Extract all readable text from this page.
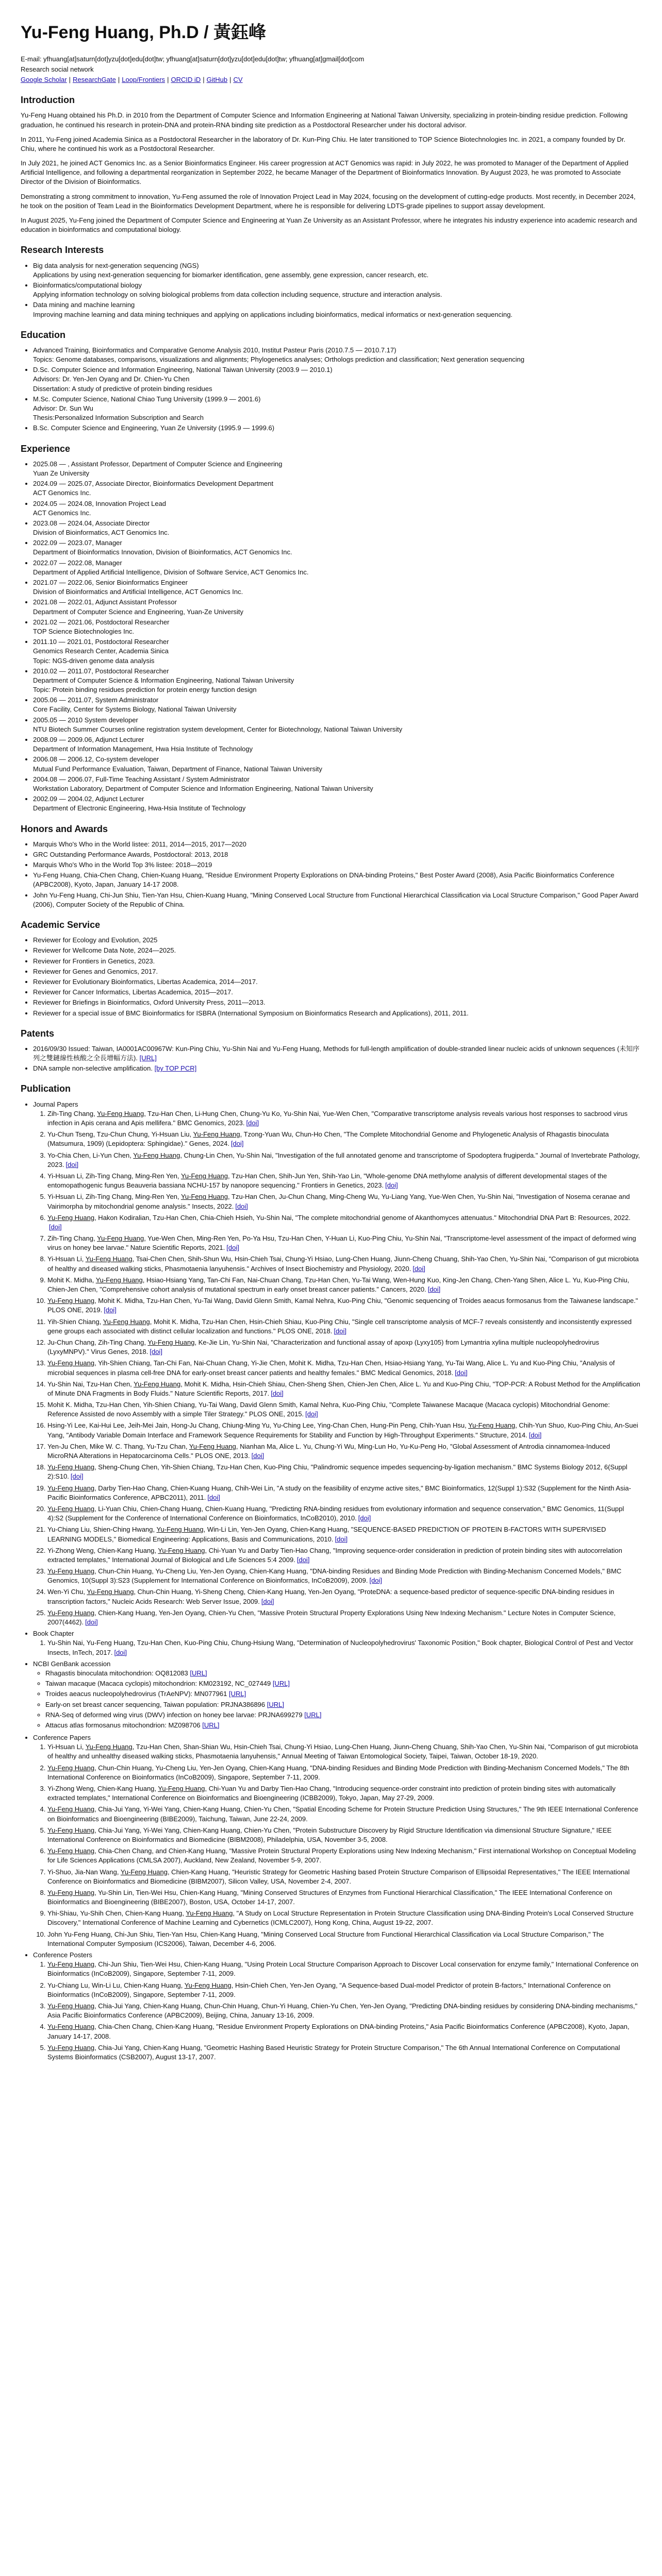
Yu-Feng Huang, Ph.D / 黃鈺峰

E-mail: yfhuang[at]saturn[dot]yzu[dot]edu[dot]tw; yfhuang[at]saturn[dot]yzu[dot]edu[dot]tw; yfhuang[at]gmail[dot]com

Research social network

Google Scholar | ResearchGate | Loop/Frontiers | ORCID iD | GitHub | CV

Introduction

Yu-Feng Huang obtained his Ph.D. in 2010 from the Department of Computer Science and Information Engineering at National Taiwan University, specializing in protein-binding residue prediction. Following graduation, he continued his research in protein-DNA and protein-RNA binding site prediction as a Postdoctoral Researcher under his doctoral advisor.

In 2011, Yu-Feng joined Academia Sinica as a Postdoctoral Researcher in the laboratory of Dr. Kun-Ping Chiu. He later transitioned to TOP Science Biotechnologies Inc. in 2021, a company founded by Dr. Chiu, where he continued his work as a Postdoctoral Researcher.

In July 2021, he joined ACT Genomics Inc. as a Senior Bioinformatics Engineer. His career progression at ACT Genomics was rapid: in July 2022, he was promoted to Manager of the Department of Applied Artificial Intelligence, and following a departmental reorganization in September 2022, he became Manager of the Department of Bioinformatics Innovation. By August 2023, he was promoted to Associate Director of the Division of Bioinformatics.

Demonstrating a strong commitment to innovation, Yu-Feng assumed the role of Innovation Project Lead in May 2024, focusing on the development of cutting-edge products. Most recently, in December 2024, he took on the position of Team Lead in the Bioinformatics Development Department, where he is responsible for delivering LDTS-grade pipelines to support assay development.

In August 2025, Yu-Feng joined the Department of Computer Science and Engineering at Yuan Ze University as an Assistant Professor, where he integrates his industry experience into academic research and education in bioinformatics and computational biology.

Research Interests
• Big data analysis for next-generation sequencing (NGS)
Applications by using next-generation sequencing for biomarker identification, gene assembly, gene expression, cancer research, etc.
• Bioinformatics/computational biology
Applying information technology on solving biological problems from data collection including sequence, structure and interaction analysis.
• Data mining and machine learning
Improving machine learning and data mining techniques and applying on applications including bioinformatics, medical informatics or next-generation sequencing.
Education
• Advanced Training, Bioinformatics and Comparative Genome Analysis 2010, Institut Pasteur Paris (2010.7.5 — 2010.7.17)
Topics: Genome databases, comparisons, visualizations and alignments; Phylogenetics analyses; Orthologs prediction and classification; Next generation sequencing
• D.Sc. Computer Science and Information Engineering, National Taiwan University (2003.9 — 2010.1)
Advisors: Dr. Yen-Jen Oyang and Dr. Chien-Yu Chen
Dissertation: A study of predictive of protein binding residues
• M.Sc. Computer Science, National Chiao Tung University (1999.9 — 2001.6)
Advisor: Dr. Sun Wu
Thesis:Personalized Information Subscription and Search
• B.Sc. Computer Science and Engineering, Yuan Ze University (1995.9 — 1999.6)
Experience
• 2025.08 — , Assistant Professor, Department of Computer Science and Engineering
Yuan Ze University
• 2024.09 — 2025.07, Associate Director, Bioinformatics Development Department
ACT Genomics Inc.
• 2024.05 — 2024.08, Innovation Project Lead
ACT Genomics Inc.
• 2023.08 — 2024.04, Associate Director
Division of Bioinformatics, ACT Genomics Inc.
• 2022.09 — 2023.07, Manager
Department of Bioinformatics Innovation, Division of Bioinformatics, ACT Genomics Inc.
• 2022.07 — 2022.08, Manager
Department of Applied Artificial Intelligence, Division of Software Service, ACT Genomics Inc.
• 2021.07 — 2022.06, Senior Bioinformatics Engineer
Division of Bioinformatics and Artificial Intelligence, ACT Genomics Inc.
• 2021.08 — 2022.01, Adjunct Assistant Professor
Department of Computer Science and Engineering, Yuan-Ze University
• 2021.02 — 2021.06, Postdoctoral Researcher
TOP Science Biotechnologies Inc.
• 2011.10 — 2021.01, Postdoctoral Researcher
Genomics Research Center, Academia Sinica
Topic: NGS-driven genome data analysis
• 2010.02 — 2011.07, Postdoctoral Researcher
Department of Computer Science & Information Engineering, National Taiwan University
Topic: Protein binding residues prediction for protein energy function design
• 2005.06 — 2011.07, System Administrator
Core Facility, Center for Systems Biology, National Taiwan University
• 2005.05 — 2010 System developer
NTU Biotech Summer Courses online registration system development, Center for Biotechnology, National Taiwan University
• 2008.09 — 2009.06, Adjunct Lecturer
Department of Information Management, Hwa Hsia Institute of Technology
• 2006.08 — 2006.12, Co-system developer
Mutual Fund Performance Evaluation, Taiwan, Department of Finance, National Taiwan University
• 2004.08 — 2006.07, Full-Time Teaching Assistant / System Administrator
Workstation Laboratory, Department of Computer Science and Information Engineering, National Taiwan University
• 2002.09 — 2004.02, Adjunct Lecturer
Department of Electronic Engineering, Hwa-Hsia Institute of Technology
Honors and Awards
• Marquis Who's Who in the World listee: 2011, 2014—2015, 2017—2020
• GRC Outstanding Performance Awards, Postdoctoral: 2013, 2018
• Marquis Who's Who in the World Top 3% listee: 2018—2019
• Yu-Feng Huang, Chia-Chen Chang, Chien-Kuang Huang, "Residue Environment Property Explorations on DNA-binding Proteins," Best Poster Award (2008), Asia Pacific Bioinformatics Conference (APBC2008), Kyoto, Japan, January 14-17 2008.
• John Yu-Feng Huang, Chi-Jun Shiu, Tien-Yan Hsu, Chien-Kuang Huang, "Mining Conserved Local Structure from Functional Hierarchical Classification via Local Structure Comparison," Good Paper Award (2006), Computer Society of the Republic of China.
Academic Service
• Reviewer for Ecology and Evolution, 2025
• Reviewer for Wellcome Data Note, 2024—2025.
• Reviewer for Frontiers in Genetics, 2023.
• Reviewer for Genes and Genomics, 2017.
• Reviewer for Evolutionary Bioinformatics, Libertas Academica, 2014—2017.
• Reviewer for Cancer Informatics, Libertas Academica, 2015—2017.
• Reviewer for Briefings in Bioinformatics, Oxford University Press, 2011—2013.
• Reviewer for a special issue of BMC Bioinformatics for ISBRA (International Symposium on Bioinformatics Research and Applications), 2011, 2011.
Patents
• 2016/09/30 Issued: Taiwan, IA0001AC00967W: Kun-Ping Chiu, Yu-Shin Nai and Yu-Feng Huang, Methods for full-length amplification of double-stranded linear nucleic acids of unknown sequences (未知序列之雙鏈線性核酸之全長增幅方法). [URL]
• DNA sample non-selective amplification. [by TOP PCR]
Publication
• Journal Papers
1. Zih-Ting Chang, Yu-Feng Huang, Tzu-Han Chen, Li-Hung Chen, Chung-Yu Ko, Yu-Shin Nai, Yue-Wen Chen, "Comparative transcriptome analysis reveals various host responses to sacbrood virus infection in Apis cerana and Apis mellifera." BMC Genomics, 2023. [doi]
2. Yu-Chun Tseng, Tzu-Chun Chung, Yi-Hsuan Liu, Yu-Feng Huang, Tzong-Yuan Wu, Chun-Ho Chen, "The Complete Mitochondrial Genome and Phylogenetic Analysis of Rhagastis binoculata (Matsumura, 1909) (Lepidoptera: Sphingidae)." Genes, 2024. [doi]
3. Yo-Chia Chen, Li-Yun Chen, Yu-Feng Huang, Chung-Lin Chen, Yu-Shin Nai, "Investigation of the full annotated genome and transcriptome of Spodoptera frugiperda." Journal of Invertebrate Pathology, 2023. [doi]
4. Yi-Hsuan Li, Zih-Ting Chang, Ming-Ren Yen, Yu-Feng Huang, Tzu-Han Chen, Shih-Jun Yen, Shih-Yao Lin, "Whole-genome DNA methylome analysis of different developmental stages of the entomopathogenic fungus Beauveria bassiana NCHU-157 by nanopore sequencing." Frontiers in Genetics, 2023. [doi]
5. Yi-Hsuan Li, Zih-Ting Chang, Ming-Ren Yen, Yu-Feng Huang, Tzu-Han Chen, Ju-Chun Chang, Ming-Cheng Wu, Yu-Liang Yang, Yue-Wen Chen, Yu-Shin Nai, "Investigation of Nosema ceranae and Vairimorpha by mitochondrial genome analysis." Insects, 2022. [doi]
6. Yu-Feng Huang, Hakon Kodiralian, Tzu-Han Chen, Chia-Chieh Hsieh, Yu-Shin Nai, "The complete mitochondrial genome of Akanthomyces attenuatus." Mitochondrial DNA Part B: Resources, 2022.[doi]
7. Zih-Ting Chang, Yu-Feng Huang, Yue-Wen Chen, Ming-Ren Yen, Po-Ya Hsu, Tzu-Han Chen, Y-Huan Li, Kuo-Ping Chiu, Yu-Shin Nai, "Transcriptome-level assessment of the impact of deformed wing virus on honey bee larvae." Nature Scientific Reports, 2021. [doi]
8. Yi-Hsuan Li, Yu-Feng Huang, Tsai-Chen Chen, Shih-Shun Wu, Hsin-Chieh Tsai, Chung-Yi Hsiao, Lung-Chen Huang, Jiunn-Cheng Chuang, Shih-Yao Chen, Yu-Shin Nai, "Comparison of gut microbiota of healthy and diseased walking sticks, Phasmotaenia lanyuhensis." Archives of Insect Biochemistry and Physiology, 2020. [doi]
9. Mohit K. Midha, Yu-Feng Huang, Hsiao-Hsiang Yang, Tan-Chi Fan, Nai-Chuan Chang, Tzu-Han Chen, Yu-Tai Wang, Wen-Hung Kuo, King-Jen Chang, Chen-Yang Shen, Alice L. Yu, Kuo-Ping Chiu, Chien-Jen Chen, "Comprehensive cohort analysis of mutational spectrum in early onset breast cancer patients." Cancers, 2020. [doi]
10. Yu-Feng Huang, Mohit K. Midha, Tzu-Han Chen, Yu-Tai Wang, David Glenn Smith, Kamal Nehra, Kuo-Ping Chiu, "Genomic sequencing of Troides aeacus formosanus from the Taiwanese landscape." PLOS ONE, 2019. [doi]
11. Yih-Shien Chiang, Yu-Feng Huang, Mohit K. Midha, Tzu-Han Chen, Hsin-Chieh Shiau, Kuo-Ping Chiu, "Single cell transcriptome analysis of MCF-7 reveals consistently and inconsistently expressed gene groups each associated with distinct cellular localization and functions." PLOS ONE, 2018. [doi]
12. Ju-Chun Chang, Zih-Ting Chang, Yu-Feng Huang, Ke-Jie Lin, Yu-Shin Nai, "Characterization and functional assay of apoxp (Lyxy105) from Lymantria xylina multiple nucleopolyhedrovirus (LyxyMNPV)." Virus Genes, 2018. [doi]
13. Yu-Feng Huang, Yih-Shien Chiang, Tan-Chi Fan, Nai-Chuan Chang, Yi-Jie Chen, Mohit K. Midha, Tzu-Han Chen, Hsiao-Hsiang Yang, Yu-Tai Wang, Alice L. Yu and Kuo-Ping Chiu, "Analysis of microbial sequences in plasma cell-free DNA for early-onset breast cancer patients and healthy females." BMC Medical Genomics, 2018. [doi]
14. Yu-Shin Nai, Tzu-Han Chen, Yu-Feng Huang, Mohit K. Midha, Hsin-Chieh Shiau, Chen-Sheng Shen, Chien-Jen Chen, Alice L. Yu and Kuo-Ping Chiu, "TOP-PCR: A Robust Method for the Amplification of Minute DNA Fragments in Body Fluids." Nature Scientific Reports, 2017. [doi]
15. Mohit K. Midha, Tzu-Han Chen, Yih-Shien Chiang, Yu-Tai Wang, David Glenn Smith, Kamal Nehra, Kuo-Ping Chiu, "Complete Taiwanese Macaque (Macaca cyclopis) Mitochondrial Genome: Reference Assisted de novo Assembly with a simple Tiler Strategy." PLOS ONE, 2015. [doi]
16. Hsing-Yi Lee, Kai-Hui Lee, Jeih-Mei Jain, Hong-Ju Chang, Chiung-Ming Yu, Yu-Ching Lee, Ying-Chan Chen, Hung-Pin Peng, Chih-Yuan Hsu, Yu-Feng Huang, Chih-Yun Shuo, Kuo-Ping Chiu, An-Suei Yang, "Antibody Variable Domain Interface and Framework Sequence Requirements for Stability and Function by High-Throughput Experiments." Structure, 2014. [doi]
17. Yen-Ju Chen, Mike W. C. Thang, Yu-Tzu Chan, Yu-Feng Huang, Nianhan Ma, Alice L. Yu, Chung-Yi Wu, Ming-Lun Ho, Yu-Ku-Peng Ho, "Global Assessment of Antrodia cinnamomea-Induced MicroRNA Alterations in Hepatocarcinoma Cells." PLOS ONE, 2013. [doi]
18. Yu-Feng Huang, Sheng-Chung Chen, Yih-Shien Chiang, Tzu-Han Chen, Kuo-Ping Chiu, "Palindromic sequence impedes sequencing-by-ligation mechanism." BMC Systems Biology 2012, 6(Suppl 2):S10. [doi]
19. Yu-Feng Huang, Darby Tien-Hao Chang, Chien-Kuang Huang, Chih-Wei Lin, "A study on the feasibility of enzyme active sites," BMC Bioinformatics, 12(Suppl 1):S32 (Supplement for the Ninth Asia-Pacific Bioinformatics Conference, APBC2011), 2011. [doi]
20. Yu-Feng Huang, Li-Yuan Chiu, Chien-Chang Huang, Chien-Kuang Huang, "Predicting RNA-binding residues from evolutionary information and sequence conservation," BMC Genomics, 11(Suppl 4):S2 (Supplement for the Conference of International Conference on Bioinformatics, InCoB2010), 2010. [doi]
21. Yu-Chiang Liu, Shien-Ching Hwang, Yu-Feng Huang, Win-Li Lin, Yen-Jen Oyang, Chien-Kang Huang, "SEQUENCE-BASED PREDICTION OF PROTEIN B-FACTORS WITH SUPERVISED LEARNING MODELS," Biomedical Engineering: Applications, Basis and Communications, 2010. [doi]
22. Yi-Zhong Weng, Chien-Kang Huang, Yu-Feng Huang, Chi-Yuan Yu and Darby Tien-Hao Chang, "Improving sequence-order consideration in prediction of protein binding sites with autocorrelation extracted templates," International Journal of Biological and Life Sciences 5:4 2009. [doi]
23. Yu-Feng Huang, Chun-Chin Huang, Yu-Cheng Liu, Yen-Jen Oyang, Chien-Kang Huang, "DNA-binding Residues and Binding Mode Prediction with Binding-Mechanism Concerned Models," BMC Genomics, 10(Suppl 3):S23 (Supplement for International Conference on Bioinformatics, InCoB2009), 2009. [doi]
24. Wen-Yi Chu, Yu-Feng Huang, Chun-Chin Huang, Yi-Sheng Cheng, Chien-Kang Huang, Yen-Jen Oyang, "ProteDNA: a sequence-based predictor of sequence-specific DNA-binding residues in transcription factors," Nucleic Acids Research: Web Server Issue, 2009. [doi]
25. Yu-Feng Huang, Chien-Kang Huang, Yen-Jen Oyang, Chien-Yu Chen, "Massive Protein Structural Property Explorations Using New Indexing Mechanism." Lecture Notes in Computer Science, 2007(4462). [doi]
• Book Chapter
1. Yu-Shin Nai, Yu-Feng Huang, Tzu-Han Chen, Kuo-Ping Chiu, Chung-Hsiung Wang, "Determination of Nucleopolyhedrovirus' Taxonomic Position," Book chapter, Biological Control of Pest and Vector Insects, InTech, 2017. [doi]
• NCBI GenBank accession
◦ Rhagastis binoculata mitochondrion: OQ812083 [URL]
◦ Taiwan macaque (Macaca cyclopis) mitochondrion: KM023192, NC_027449 [URL]
◦ Troides aeacus nucleopolyhedrovirus (TrAeNPV): MN077961 [URL]
◦ Early-on set breast cancer sequencing, Taiwan population: PRJNA386896 [URL]
◦ RNA-Seq of deformed wing virus (DWV) infection on honey bee larvae: PRJNA699279 [URL]
◦ Attacus atlas formosanus mitochondrion: MZ098706 [URL]
• Conference Papers
1. Yi-Hsuan Li, Yu-Feng Huang, Tzu-Han Chen, Shan-Shian Wu, Hsin-Chieh Tsai, Chung-Yi Hsiao, Lung-Chen Huang, Jiunn-Cheng Chuang, Shih-Yao Chen, Yu-Shin Nai, "Comparison of gut microbiota of healthy and unhealthy diseased walking sticks, Phasmotaenia lanyuhensis," Annual Meeting of Taiwan Entomological Society, Taipei, Taiwan, October 18-19, 2020.
2. Yu-Feng Huang, Chun-Chin Huang, Yu-Cheng Liu, Yen-Jen Oyang, Chien-Kang Huang, "DNA-binding Residues and Binding Mode Prediction with Binding-Mechanism Concerned Models," The 8th International Conference on Bioinformatics (InCoB2009), Singapore, September 7-11, 2009.
3. Yi-Zhong Weng, Chien-Kang Huang, Yu-Feng Huang, Chi-Yuan Yu and Darby Tien-Hao Chang, "Introducing sequence-order constraint into prediction of protein binding sites with automatically extracted templates," International Conference on Bioinformatics and Bioengineering (ICBB2009), Tokyo, Japan, May 27-29, 2009.
4. Yu-Feng Huang, Chia-Jui Yang, Yi-Wei Yang, Chien-Kang Huang, Chien-Yu Chen, "Spatial Encoding Scheme for Protein Structure Prediction Using Structures," The 9th IEEE International Conference on Bioinformatics and Bioengineering (BIBE2009), Taichung, Taiwan, June 22-24, 2009.
5. Yu-Feng Huang, Chia-Jui Yang, Yi-Wei Yang, Chien-Kang Huang, Chien-Yu Chen, "Protein Substructure Discovery by Rigid Structure Identification via dimensional Structure Signature," IEEE International Conference on Bioinformatics and Biomedicine (BIBM2008), Philadelphia, USA, November 3-5, 2008.
6. Yu-Feng Huang, Chia-Chen Chang, and Chien-Kang Huang, "Massive Protein Structural Property Explorations using New Indexing Mechanism," First international Workshop on Conceptual Modeling for Life Sciences Applications (CMLSA 2007), Auckland, New Zealand, November 5-9, 2007.
7. Yi-Shuo, Jia-Nan Wang, Yu-Feng Huang, Chien-Kang Huang, "Heuristic Strategy for Geometric Hashing based Protein Structure Comparison of Ellipsoidal Representatives," The IEEE International Conference on Bioinformatics and Biomedicine (BIBM2007), Silicon Valley, USA, November 2-4, 2007.
8. Yu-Feng Huang, Yu-Shin Lin, Tien-Wei Hsu, Chien-Kang Huang, "Mining Conserved Structures of Enzymes from Functional Hierarchical Classification," The IEEE International Conference on Bioinformatics and Bioengineering (BIBE2007), Boston, USA, October 14-17, 2007.
9. Yhi-Shiau, Yu-Shih Chen, Chien-Kang Huang, Yu-Feng Huang, "A Study on Local Structure Representation in Protein Structure Classification using DNA-Binding Protein's Local Conserved Structure Discovery," International Conference of Machine Learning and Cybernetics (ICMLC2007), Hong Kong, China, August 19-22, 2007.
10. John Yu-Feng Huang, Chi-Jun Shiu, Tien-Yan Hsu, Chien-Kang Huang, "Mining Conserved Local Structure from Functional Hierarchical Classification via Local Structure Comparison," The International Computer Symposium (ICS2006), Taiwan, December 4-6, 2006.
• Conference Posters
1. Yu-Feng Huang, Chi-Jun Shiu, Tien-Wei Hsu, Chien-Kang Huang, "Using Protein Local Structure Comparison Approach to Discover Local conservation for enzyme family," International Conference on Bioinformatics (InCoB2009), Singapore, September 7-11, 2009.
2. Yu-Chiang Lu, Win-Li Lu, Chien-Kang Huang, Yu-Feng Huang, Hsin-Chieh Chen, Yen-Jen Oyang, "A Sequence-based Dual-model Predictor of protein B-factors," International Conference on Bioinformatics (InCoB2009), Singapore, September 7-11, 2009.
3. Yu-Feng Huang, Chia-Jui Yang, Chien-Kang Huang, Chun-Chin Huang, Chun-Yi Huang, Chien-Yu Chen, Yen-Jen Oyang, "Predicting DNA-binding residues by considering DNA-binding mechanisms," Asia Pacific Bioinformatics Conference (APBC2009), Beijing, China, January 13-16, 2009.
4. Yu-Feng Huang, Chia-Chen Chang, Chien-Kang Huang, "Residue Environment Property Explorations on DNA-binding Proteins," Asia Pacific Bioinformatics Conference (APBC2008), Kyoto, Japan, January 14-17, 2008.
5. Yu-Feng Huang, Chia-Jui Yang, Chien-Kang Huang, "Geometric Hashing Based Heuristic Strategy for Protein Structure Comparison," The 6th Annual International Conference on Computational Systems Bioinformatics (CSB2007), August 13-17, 2007.
